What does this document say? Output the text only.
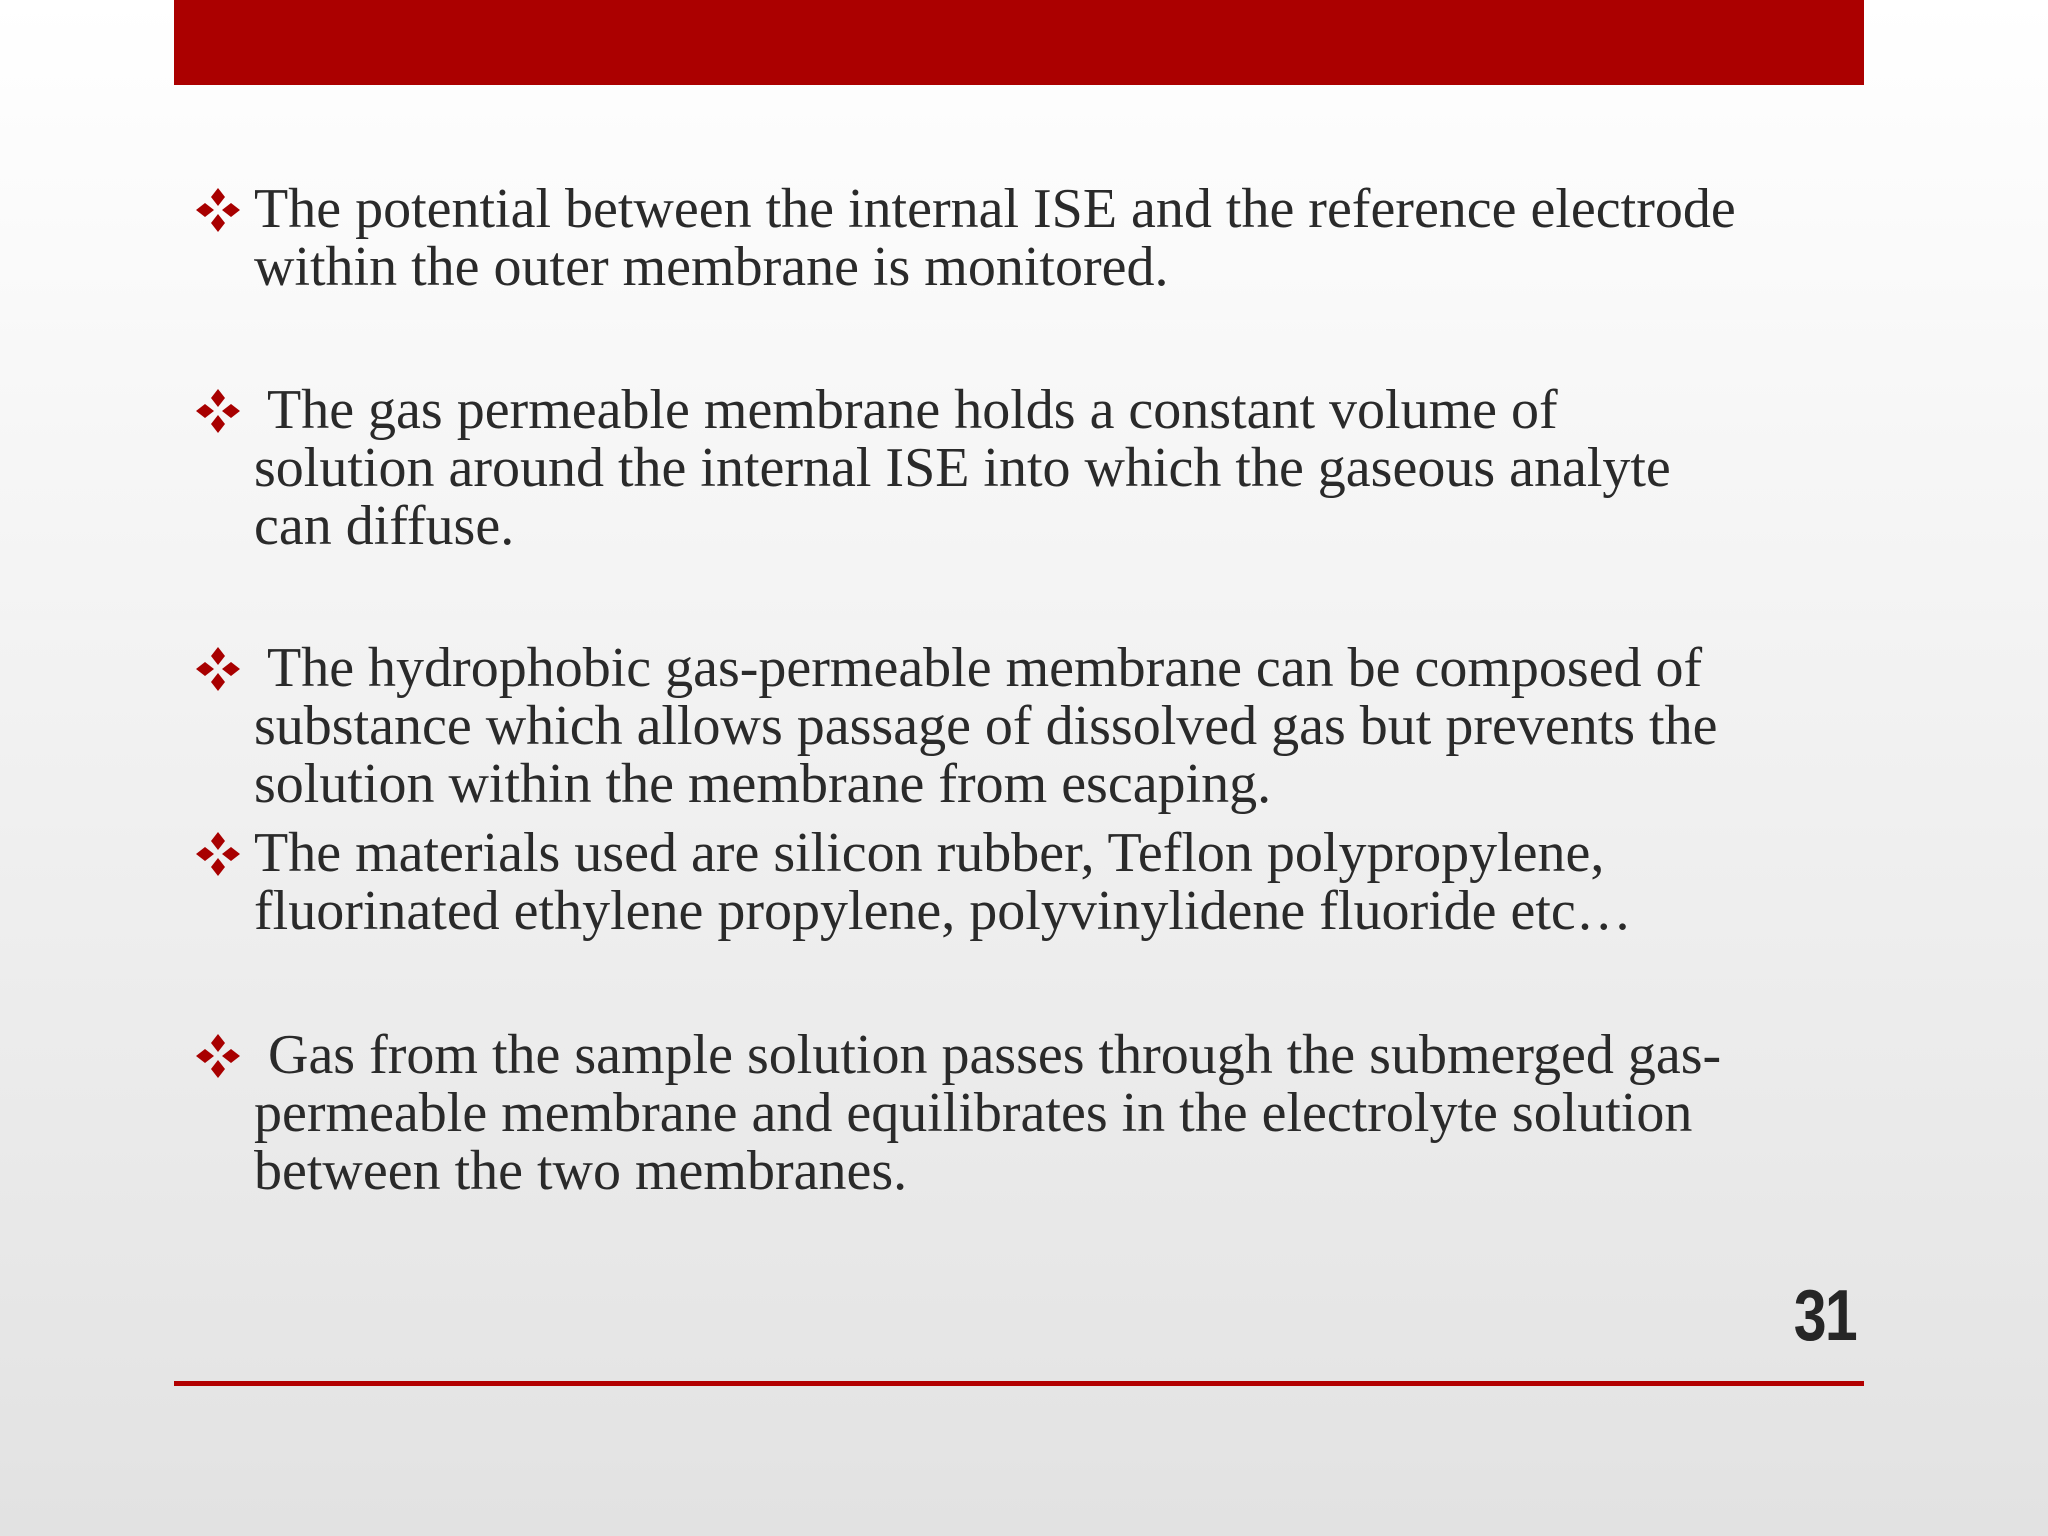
The potential between the internal ISE and the reference electrode
within the outer membrane is monitored.
The gas permeable membrane holds a constant volume of
solution around the internal ISE into which the gaseous analyte
can diffuse.
The hydrophobic gas-permeable membrane can be composed of
substance which allows passage of dissolved gas but prevents the
solution within the membrane from escaping.
The materials used are silicon rubber, Teflon polypropylene,
fluorinated ethylene propylene, polyvinylidene fluoride etc…
Gas from the sample solution passes through the submerged gas-
permeable membrane and equilibrates in the electrolyte solution
between the two membranes.
31
